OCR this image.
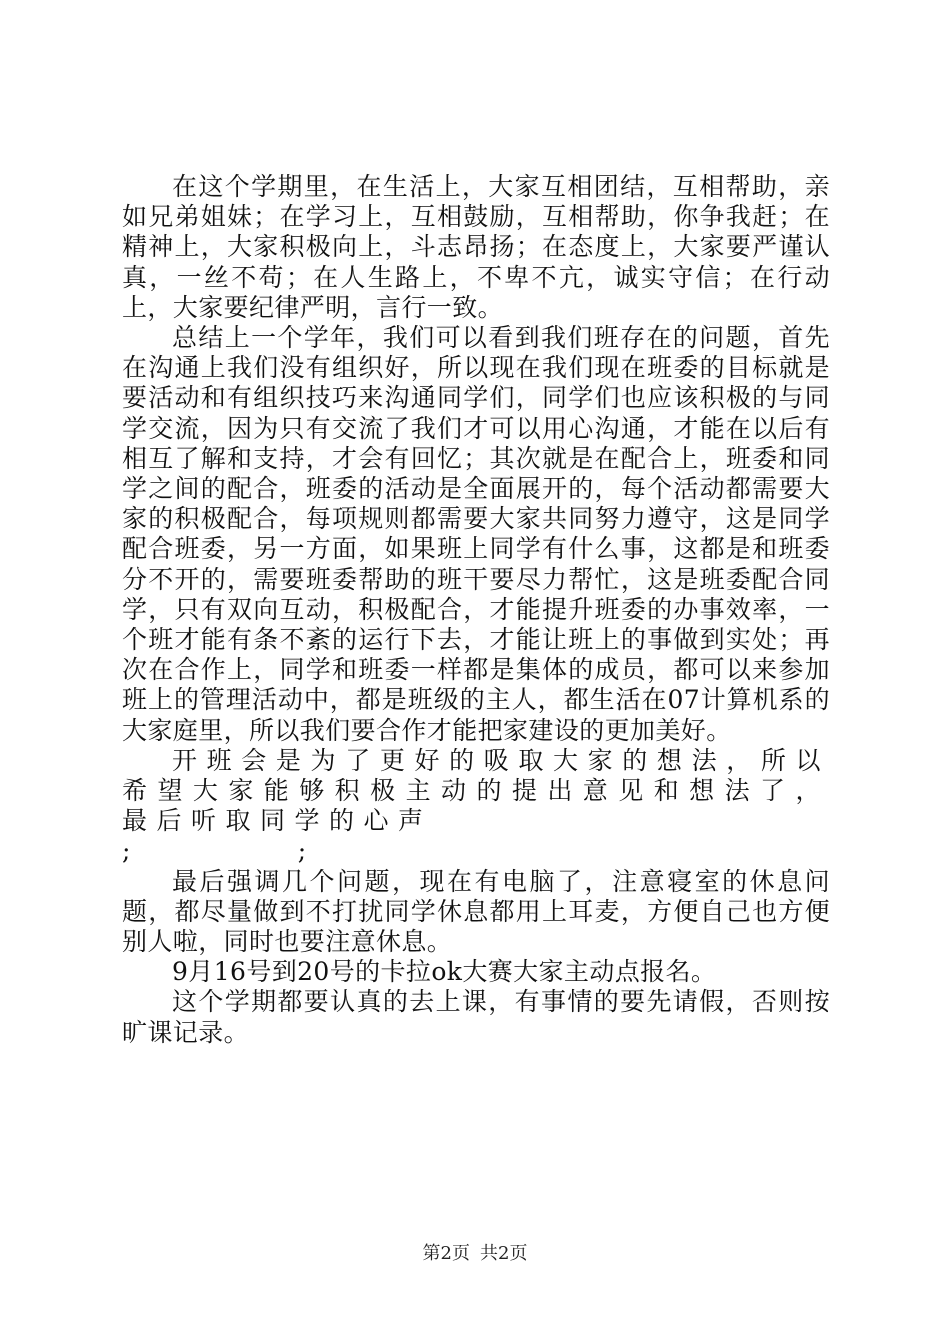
在这个学期里，在生活上，大家互相团结，互相帮助，亲如兄弟姐妹；在学习上，互相鼓励，互相帮助，你争我赶；在精神上，大家积极向上，斗志昂扬；在态度上，大家要严谨认真，一丝不苟；在人生路上，不卑不亢，诚实守信；在行动上，大家要纪律严明，言行一致。

总结上一个学年，我们可以看到我们班存在的问题，首先在沟通上我们没有组织好，所以现在我们现在班委的目标就是要活动和有组织技巧来沟通同学们，同学们也应该积极的与同学交流，因为只有交流了我们才可以用心沟通，才能在以后有相互了解和支持，才会有回忆；其次就是在配合上，班委和同学之间的配合，班委的活动是全面展开的，每个活动都需要大家的积极配合，每项规则都需要大家共同努力遵守，这是同学配合班委，另一方面，如果班上同学有什么事，这都是和班委分不开的，需要班委帮助的班干要尽力帮忙，这是班委配合同学，只有双向互动，积极配合，才能提升班委的办事效率，一个班才能有条不紊的运行下去，才能让班上的事做到实处；再次在合作上，同学和班委一样都是集体的成员，都可以来参加班上的管理活动中，都是班级的主人，都生活在07计算机系的大家庭里，所以我们要合作才能把家建设的更加美好。

开班会是为了更好的吸取大家的想法，所以希望大家能够积极主动的提出意见和想法了，最后听取同学的心声

;                    ;

最后强调几个问题，现在有电脑了，注意寝室的休息问题，都尽量做到不打扰同学休息都用上耳麦，方便自己也方便别人啦，同时也要注意休息。

9月16号到20号的卡拉ok大赛大家主动点报名。

这个学期都要认真的去上课，有事情的要先请假，否则按旷课记录。

第2页 共2页
